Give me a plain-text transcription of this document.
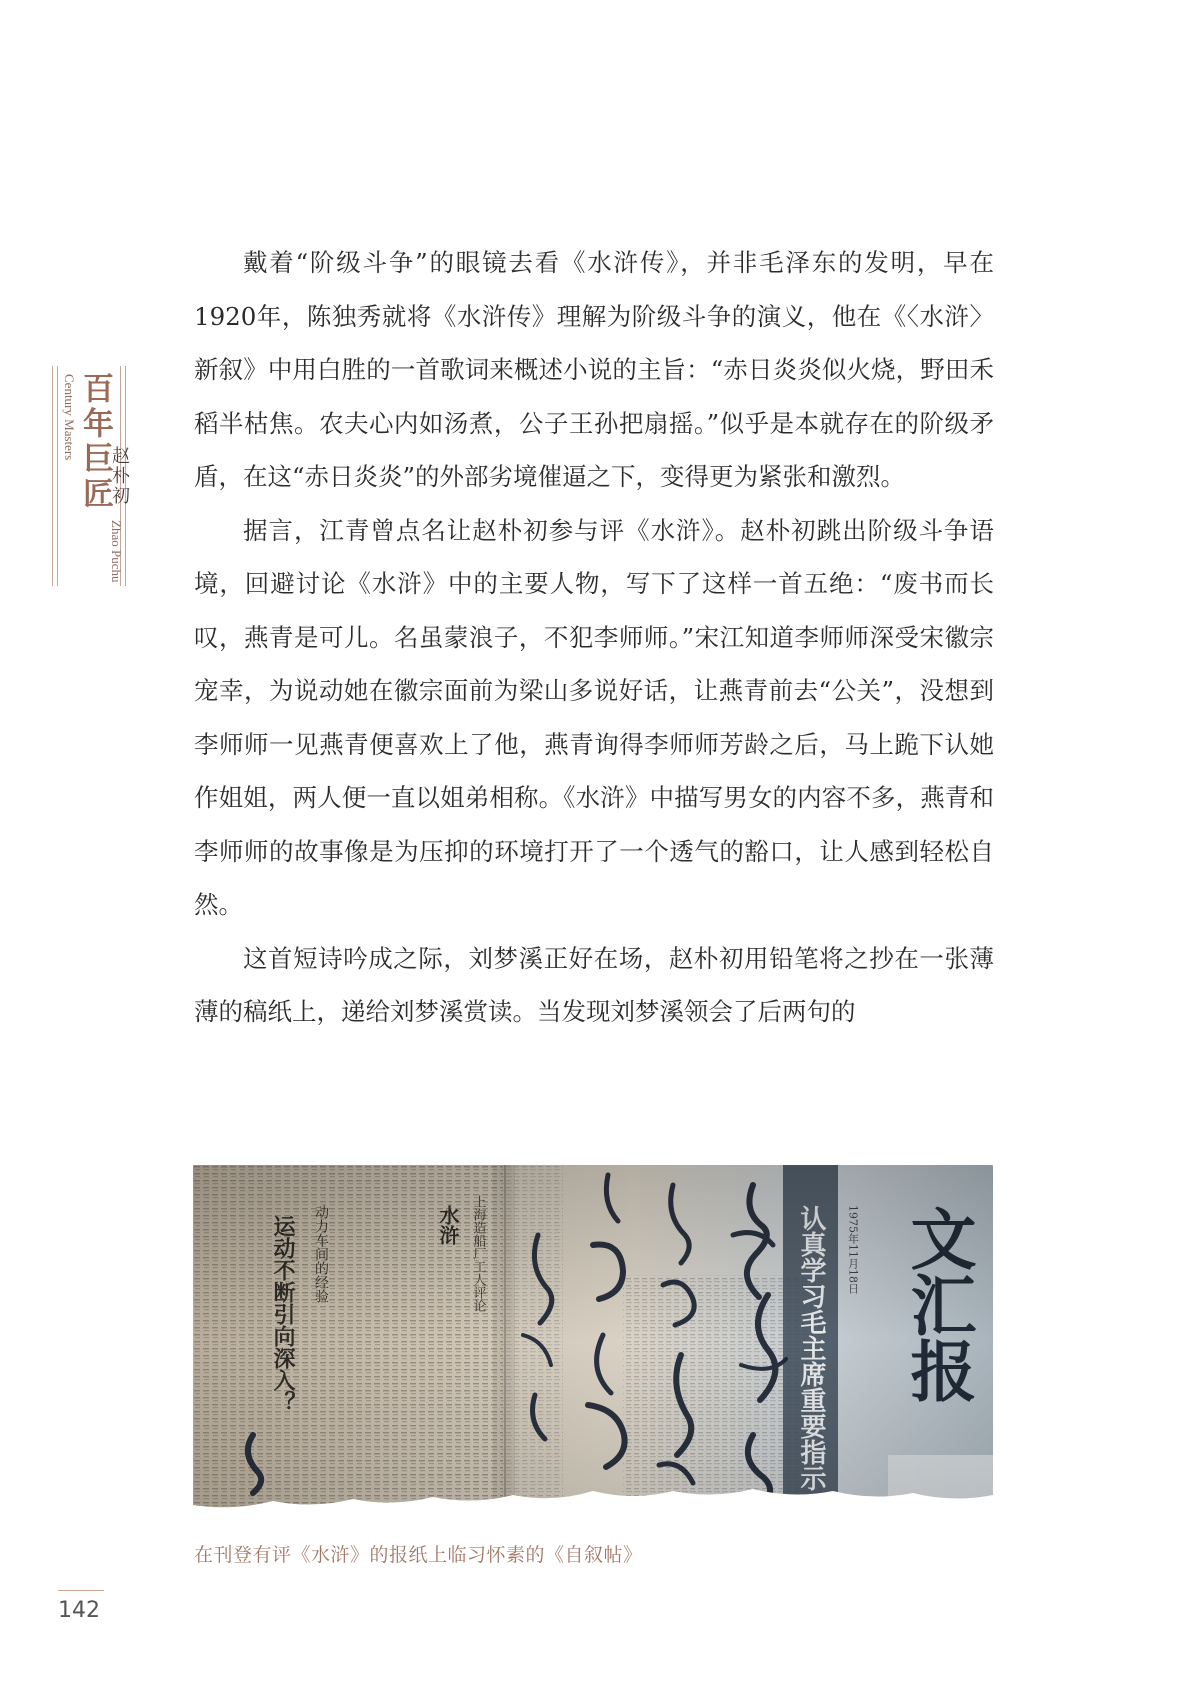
Century Masters 百年巨匠
赵朴初
Zhao Puchu

戴着“阶级斗争”的眼镜去看《水浒传》，并非毛泽东的发明，早在1920年，陈独秀就将《水浒传》理解为阶级斗争的演义，他在《〈水浒〉新叙》中用白胜的一首歌词来概述小说的主旨：“赤日炎炎似火烧，野田禾稻半枯焦。农夫心内如汤煮，公子王孙把扇摇。”似乎是本就存在的阶级矛盾，在这“赤日炎炎”的外部劣境催逼之下，变得更为紧张和激烈。

据言，江青曾点名让赵朴初参与评《水浒》。赵朴初跳出阶级斗争语境，回避讨论《水浒》中的主要人物，写下了这样一首五绝：“废书而长叹，燕青是可儿。名虽蒙浪子，不犯李师师。”宋江知道李师师深受宋徽宗宠幸，为说动她在徽宗面前为梁山多说好话，让燕青前去“公关”，没想到李师师一见燕青便喜欢上了他，燕青询得李师师芳龄之后，马上跪下认她作姐姐，两人便一直以姐弟相称。《水浒》中描写男女的内容不多，燕青和李师师的故事像是为压抑的环境打开了一个透气的豁口，让人感到轻松自然。

这首短诗吟成之际，刘梦溪正好在场，赵朴初用铅笔将之抄在一张薄薄的稿纸上，递给刘梦溪赏读。当发现刘梦溪领会了后两句的

在刊登有评《水浒》的报纸上临习怀素的《自叙帖》
142
